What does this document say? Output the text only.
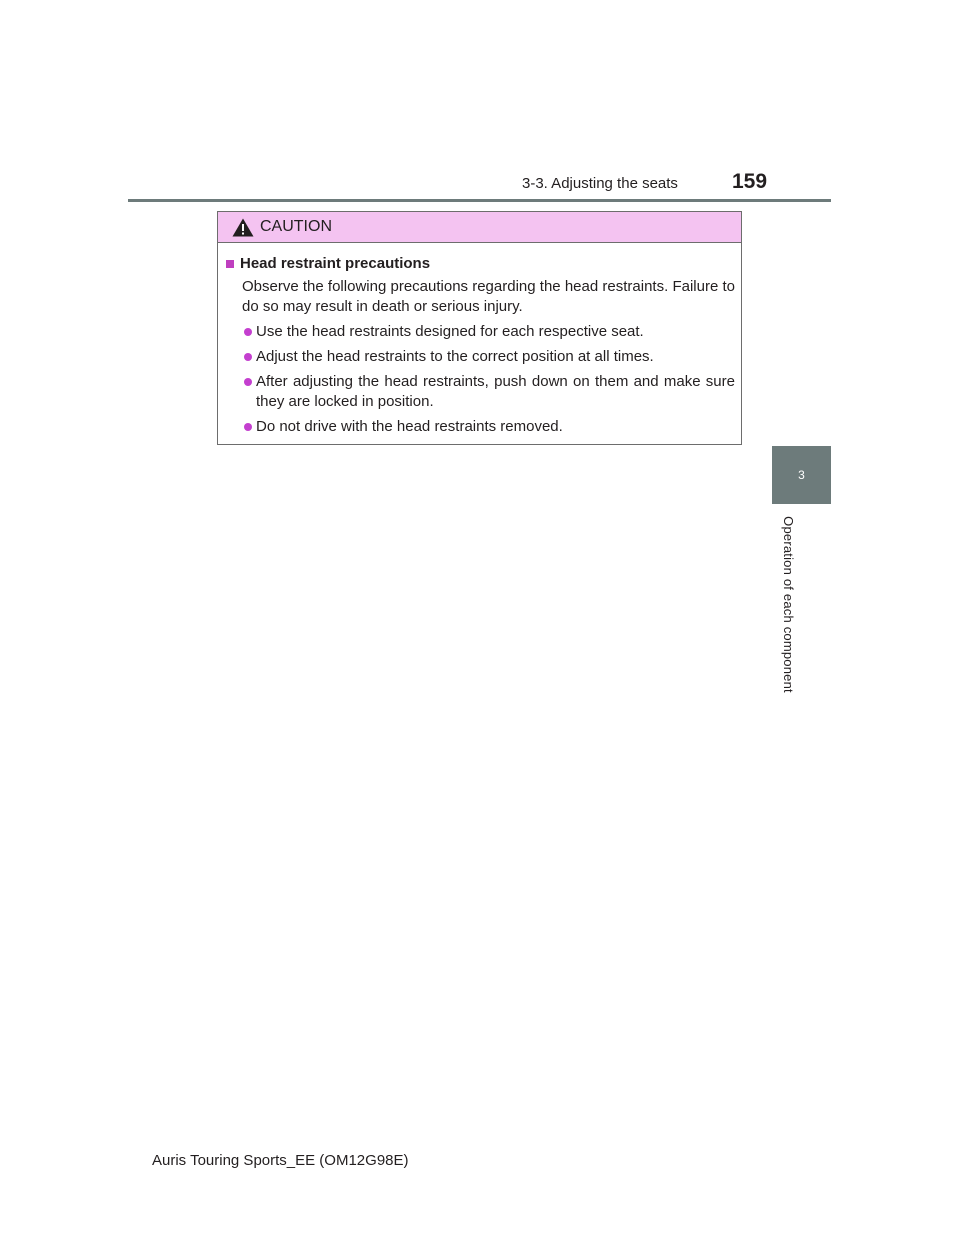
3-3. Adjusting the seats	159
3
Operation of each component
CAUTION
Head restraint precautions
Observe the following precautions regarding the head restraints. Failure to do so may result in death or serious injury.
Use the head restraints designed for each respective seat.
Adjust the head restraints to the correct position at all times.
After adjusting the head restraints, push down on them and make sure they are locked in position.
Do not drive with the head restraints removed.
Auris Touring Sports_EE (OM12G98E)
